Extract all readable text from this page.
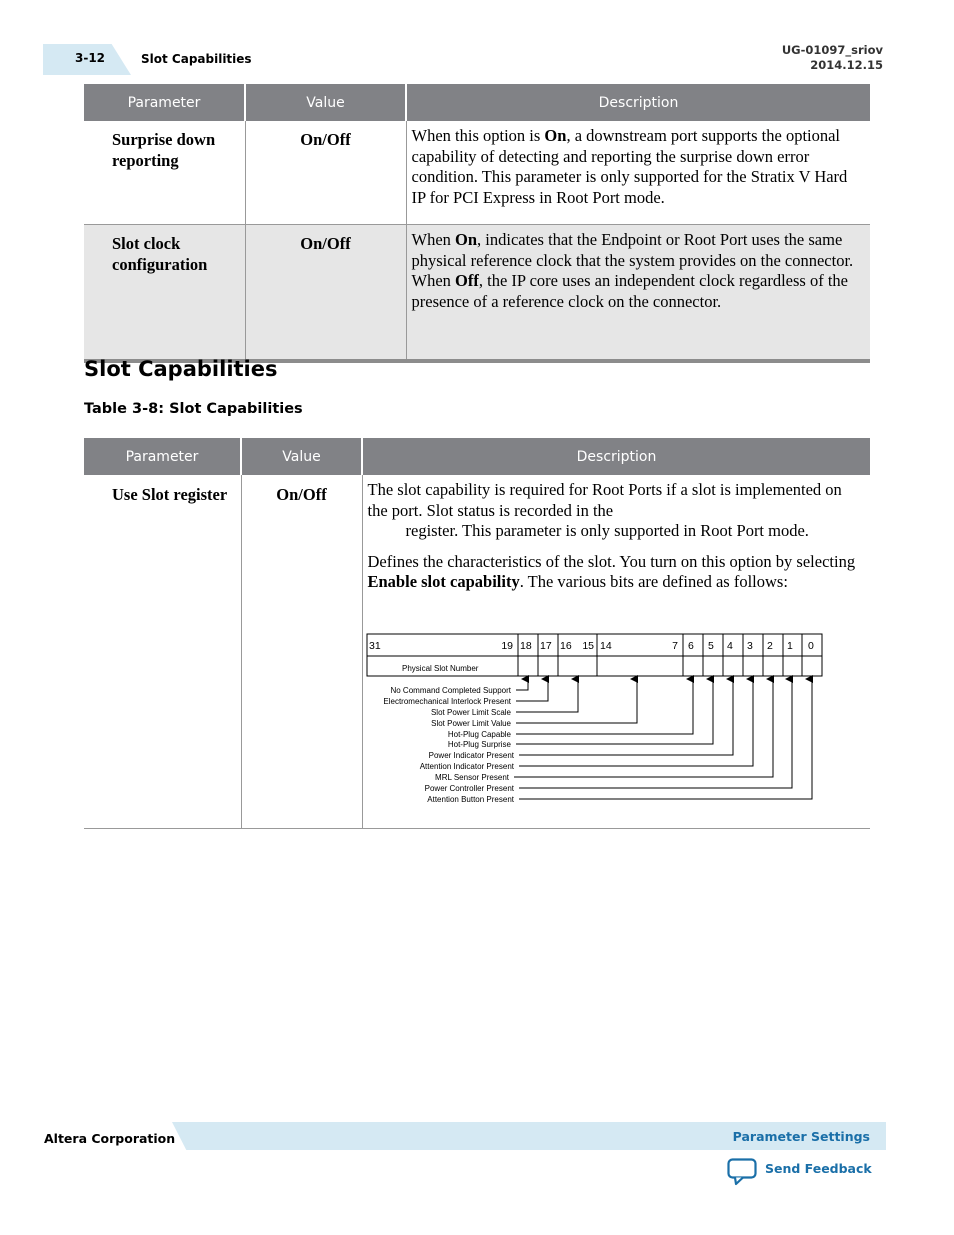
3-12	Slot Capabilities
UG-01097_sriov
2014.12.15
Parameter	Value	Description
Surprise down reporting	On/Off	When this option is On, a downstream port supports the optional capability of detecting and reporting the surprise down error condition. This parameter is only supported for the Stratix V Hard IP for PCI Express in Root Port mode.
Slot clock configuration	On/Off	When On, indicates that the Endpoint or Root Port uses the same physical reference clock that the system provides on the connector. When Off, the IP core uses an independent clock regardless of the presence of a reference clock on the connector.
Slot Capabilities
Table 3-8: Slot Capabilities
Parameter	Value	Description
Use Slot register	On/Off	The slot capability is required for Root Ports if a slot is implemented on the port. Slot status is recorded in the
register. This parameter is only supported in Root Port mode.

Defines the characteristics of the slot. You turn on this option by selecting Enable slot capability. The various bits are defined as follows:

31	19 18 17 16 15 14	7 6 5 4 3 2 1 0
Physical Slot Number
No Command Completed Support
Electromechanical Interlock Present
Slot Power Limit Scale
Slot Power Limit Value
Hot-Plug Capable
Hot-Plug Surprise
Power Indicator Present
Attention Indicator Present
MRL Sensor Present
Power Controller Present
Attention Button Present
Altera Corporation	Parameter Settings
Send Feedback
